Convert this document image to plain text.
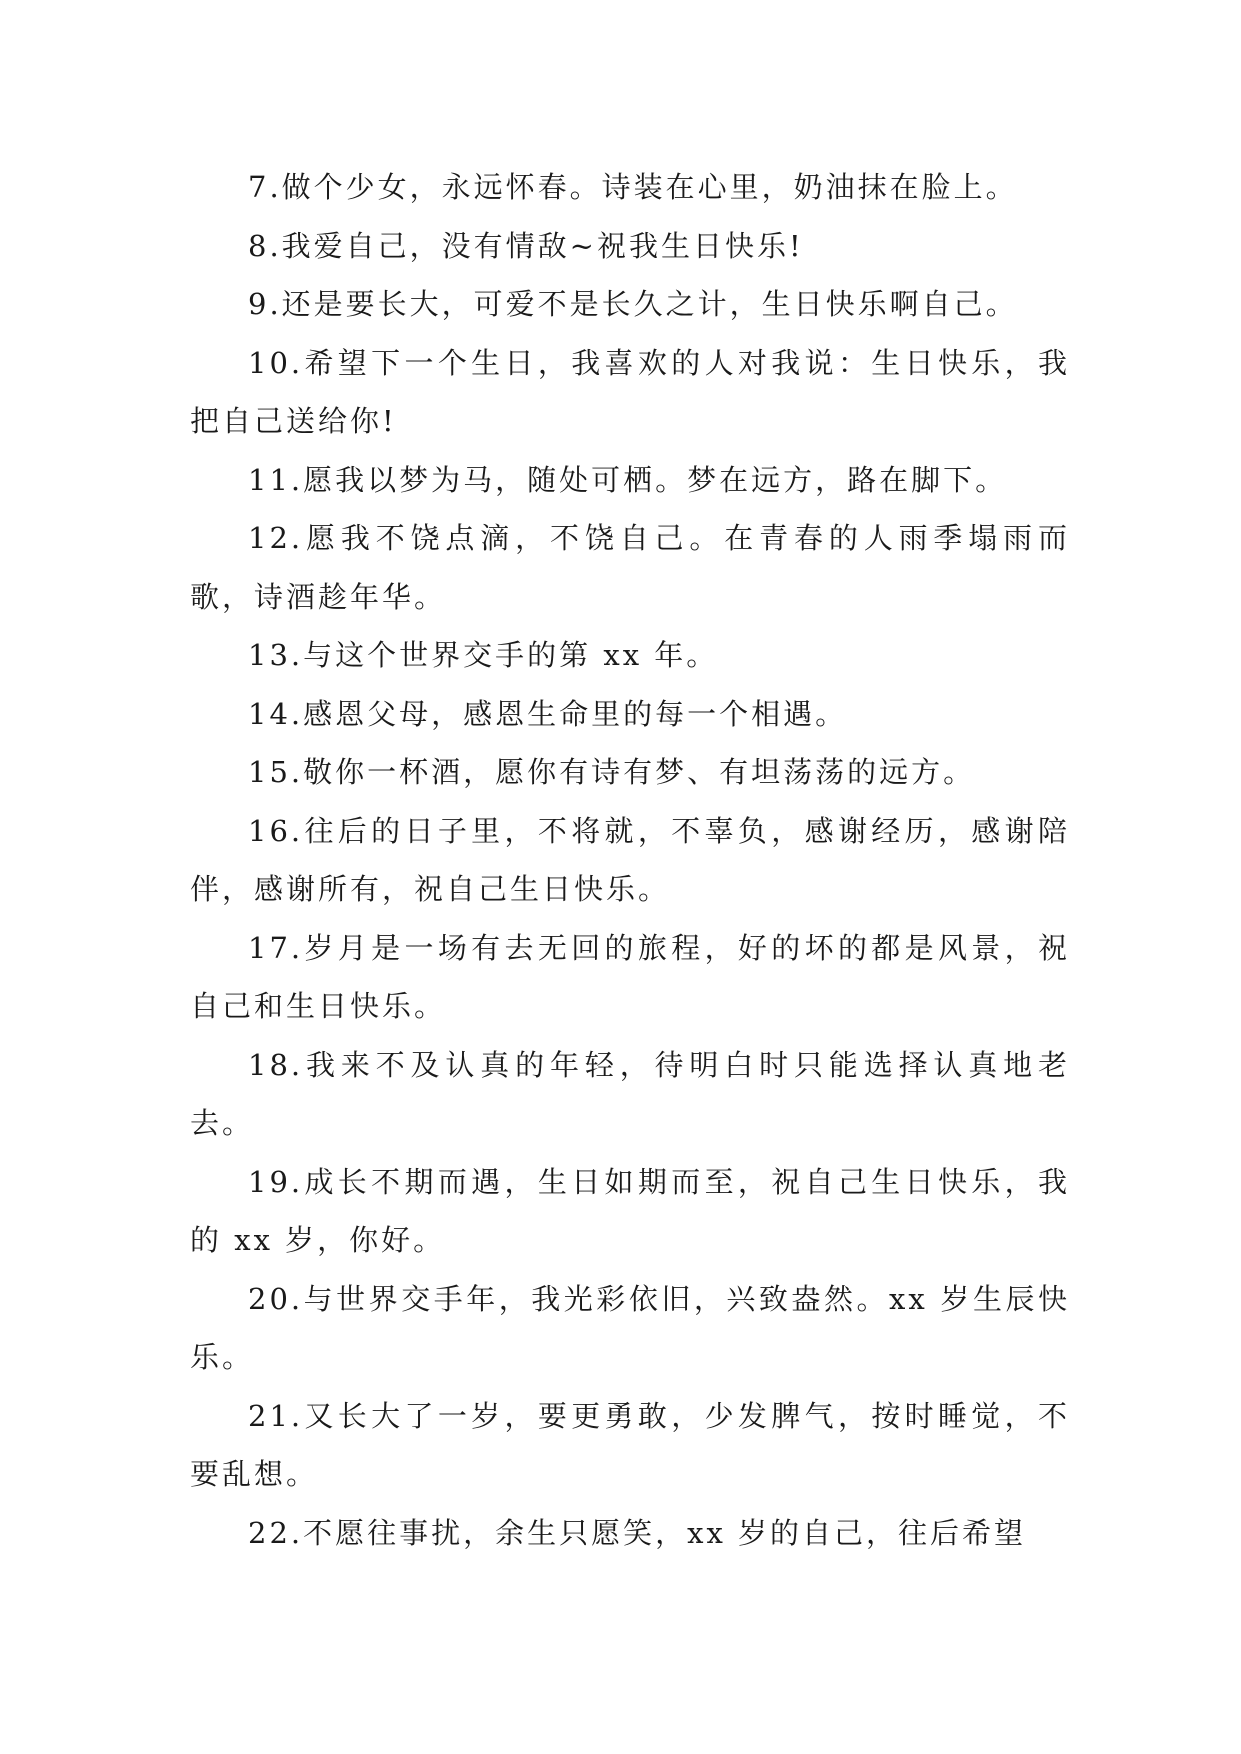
7.做个少女，永远怀春。诗装在心里，奶油抹在脸上。

8.我爱自己，没有情敌~祝我生日快乐!

9.还是要长大，可爱不是长久之计，生日快乐啊自己。

10.希望下一个生日，我喜欢的人对我说：生日快乐，我把自己送给你!

11.愿我以梦为马，随处可栖。梦在远方，路在脚下。

12.愿我不饶点滴，不饶自己。在青春的人雨季塌雨而歌，诗酒趁年华。

13.与这个世界交手的第 xx 年。

14.感恩父母，感恩生命里的每一个相遇。

15.敬你一杯酒，愿你有诗有梦、有坦荡荡的远方。

16.往后的日子里，不将就，不辜负，感谢经历，感谢陪伴，感谢所有，祝自己生日快乐。

17.岁月是一场有去无回的旅程，好的坏的都是风景，祝自己和生日快乐。

18.我来不及认真的年轻，待明白时只能选择认真地老去。

19.成长不期而遇，生日如期而至，祝自己生日快乐，我的 xx 岁，你好。

20.与世界交手年，我光彩依旧，兴致盎然。xx 岁生辰快乐。

21.又长大了一岁，要更勇敢，少发脾气，按时睡觉，不要乱想。

22.不愿往事扰，余生只愿笑，xx 岁的自己，往后希望
